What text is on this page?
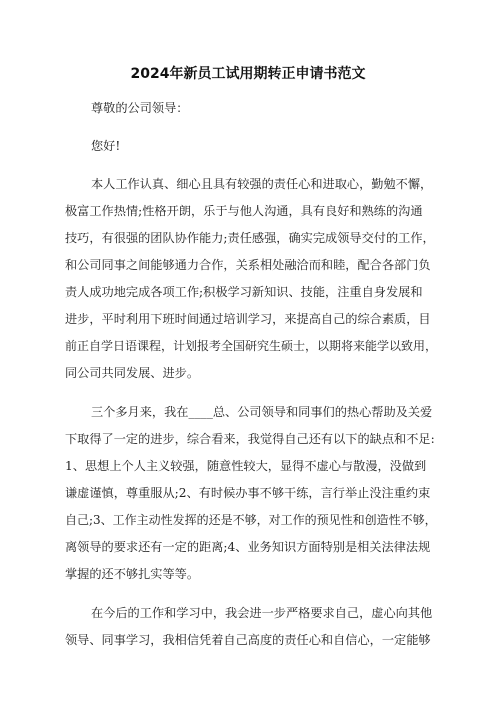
2024年新员工试用期转正申请书范文

尊敬的公司领导：

您好!

本人工作认真、细心且具有较强的责任心和进取心，勤勉不懈，

极富工作热情;性格开朗，乐于与他人沟通，具有良好和熟练的沟通

技巧，有很强的团队协作能力;责任感强，确实完成领导交付的工作，

和公司同事之间能够通力合作，关系相处融洽而和睦，配合各部门负

责人成功地完成各项工作;积极学习新知识、技能，注重自身发展和

进步，平时利用下班时间通过培训学习，来提高自己的综合素质，目

前正自学日语课程，计划报考全国研究生硕士，以期将来能学以致用，

同公司共同发展、进步。

三个多月来，我在____总、公司领导和同事们的热心帮助及关爱

下取得了一定的进步，综合看来，我觉得自己还有以下的缺点和不足:

1、思想上个人主义较强，随意性较大，显得不虚心与散漫，没做到

谦虚谨慎，尊重服从;2、有时候办事不够干练，言行举止没注重约束

自己;3、工作主动性发挥的还是不够，对工作的预见性和创造性不够，

离领导的要求还有一定的距离;4、业务知识方面特别是相关法律法规

掌握的还不够扎实等等。

在今后的工作和学习中，我会进一步严格要求自己，虚心向其他

领导、同事学习，我相信凭着自己高度的责任心和自信心，一定能够
